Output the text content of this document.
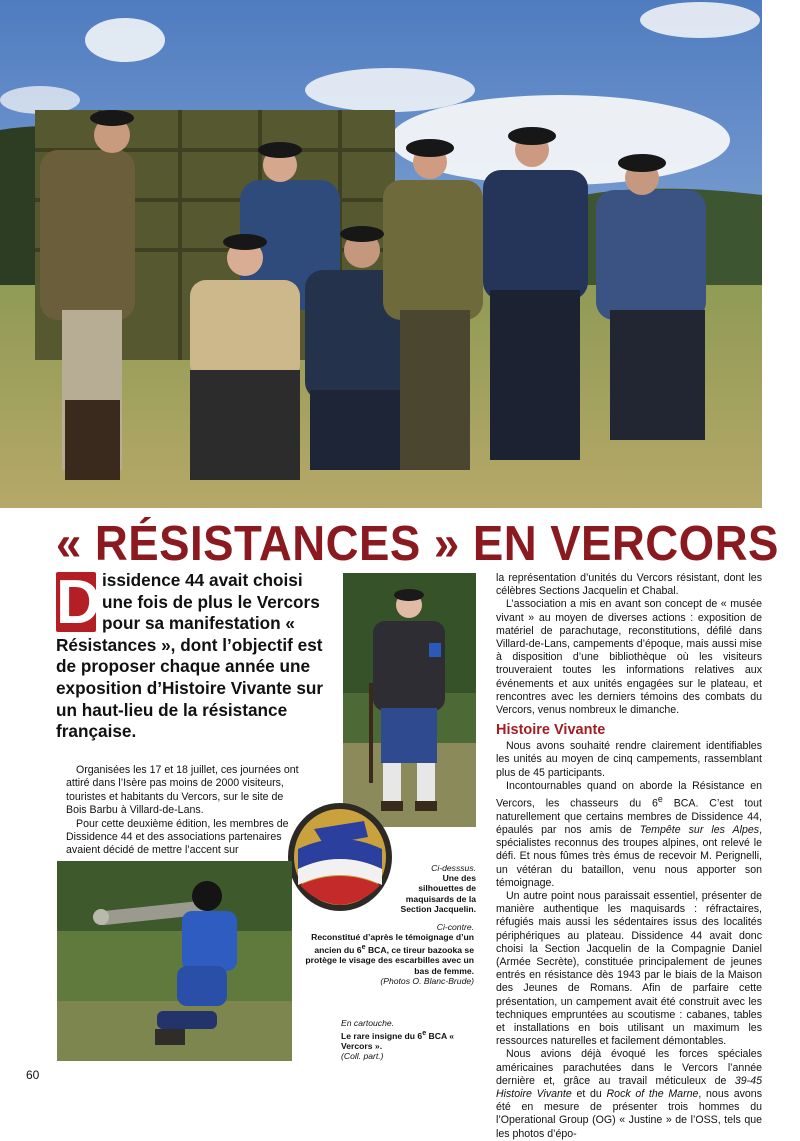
« RÉSISTANCES » EN VERCORS
D issidence 44 avait choisi une fois de plus le Vercors pour sa manifestation « Résistances », dont l’objectif est de proposer chaque année une exposition d’Histoire Vivante sur un haut-lieu de la résistance française.

Organisées les 17 et 18 juillet, ces journées ont attiré dans l’Isère pas moins de 2000 visiteurs, touristes et habitants du Vercors, sur le site de Bois Barbu à Villard-de-Lans.

Pour cette deuxième édition, les membres de Dissidence 44 et des associations partenaires avaient décidé de mettre l’accent sur

Ci-desssus.
Une des silhouettes de maquisards de la Section Jacquelin.
Ci-contre.
Reconstitué d’après le témoignage d’un ancien du 6e BCA, ce tireur bazooka se protège le visage des escarbilles avec un bas de femme.
(Photos O. Blanc-Brude)
En cartouche.
Le rare insigne du 6e BCA « Vercors ».
(Coll. part.)

la représentation d’unités du Vercors résistant, dont les célèbres Sections Jacquelin et Chabal.

L’association a mis en avant son concept de « musée vivant » au moyen de diverses actions : exposition de matériel de parachutage, reconstitutions, défilé dans Villard-de-Lans, campements d’époque, mais aussi mise à disposition d’une bibliothèque où les visiteurs trouveraient toutes les informations relatives aux événements et aux unités engagées sur le plateau, et rencontres avec les derniers témoins des combats du Vercors, venus nombreux le dimanche.

Histoire Vivante

Nous avons souhaité rendre clairement identifiables les unités au moyen de cinq campements, rassemblant plus de 45 participants.

Incontournables quand on aborde la Résistance en Vercors, les chasseurs du 6e BCA. C’est tout naturellement que certains membres de Dissidence 44, épaulés par nos amis de Tempête sur les Alpes, spécialistes reconnus des troupes alpines, ont relevé le défi. Et nous fûmes très émus de recevoir M. Perignelli, un vétéran du bataillon, venu nous apporter son témoignage.

Un autre point nous paraissait essentiel, présenter de manière authentique les maquisards : réfractaires, réfugiés mais aussi les sédentaires issus des localités périphériques au plateau. Dissidence 44 avait donc choisi la Section Jacquelin de la Compagnie Daniel (Armée Secrète), constituée principalement de jeunes entrés en résistance dès 1943 par le biais de la Maison des Jeunes de Romans. Afin de parfaire cette présentation, un campement avait été construit avec les techniques empruntées au scoutisme : cabanes, tables et installations en bois utilisant un maximum les ressources naturelles et facilement démontables.

Nous avions déjà évoqué les forces spéciales américaines parachutées dans le Vercors l’année dernière et, grâce au travail méticuleux de 39-45 Histoire Vivante et du Rock of the Marne, nous avons été en mesure de présenter trois hommes du l’Operational Group (OG) « Justine » de l’OSS, tels que les photos d’épo-

60
